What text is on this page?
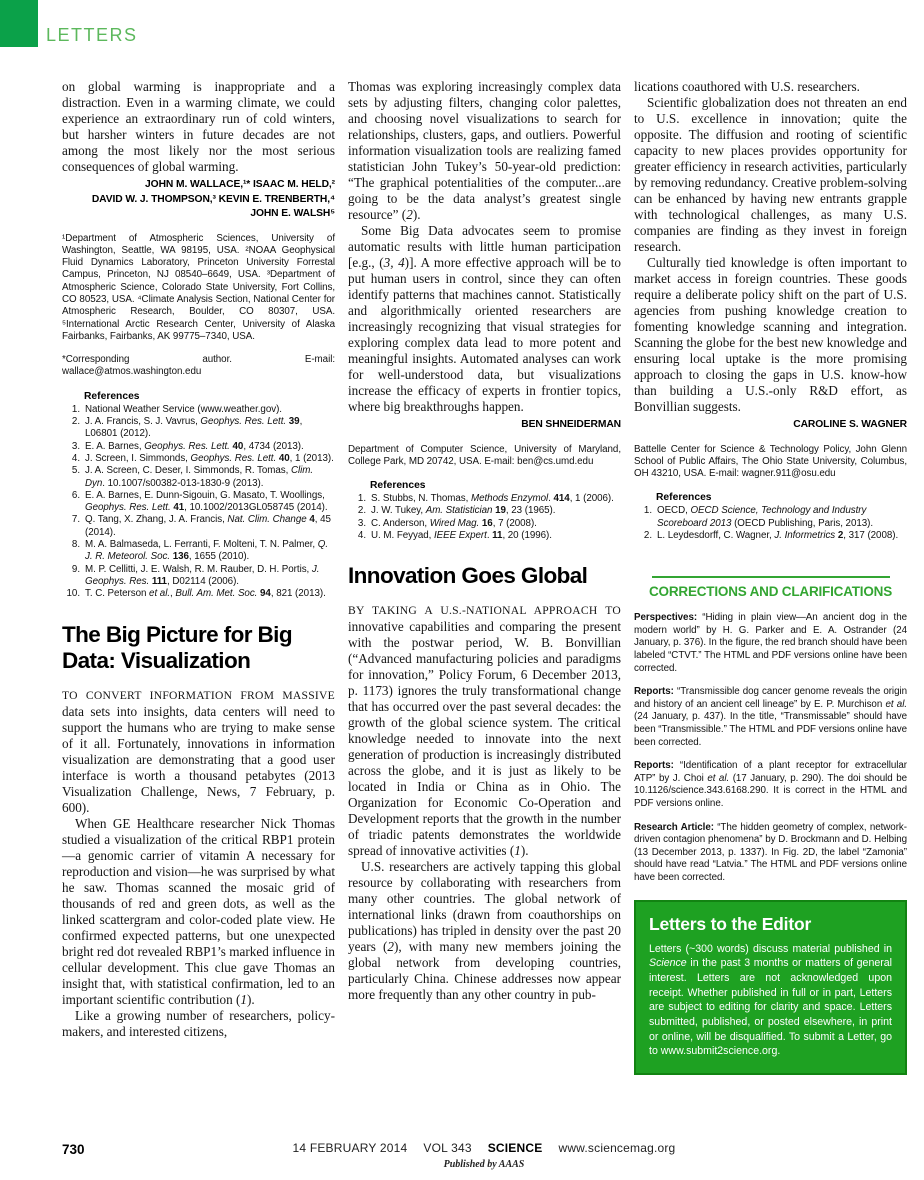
LETTERS

on global warming is inappropriate and a distraction. Even in a warming climate, we could experience an extraordinary run of cold winters, but harsher winters in future decades are not among the most likely nor the most serious consequences of global warming.

JOHN M. WALLACE,¹* ISAAC M. HELD,²
DAVID W. J. THOMPSON,³ KEVIN E. TRENBERTH,⁴
JOHN E. WALSH⁵

¹Department of Atmospheric Sciences, University of Washington, Seattle, WA 98195, USA. ²NOAA Geophysical Fluid Dynamics Laboratory, Princeton University Forrestal Campus, Princeton, NJ 08540–6649, USA. ³Department of Atmospheric Science, Colorado State University, Fort Collins, CO 80523, USA. ⁴Climate Analysis Section, National Center for Atmospheric Research, Boulder, CO 80307, USA. ⁵International Arctic Research Center, University of Alaska Fairbanks, Fairbanks, AK 99775–7340, USA.

*Corresponding author. E-mail: wallace@atmos.washington.edu

References
1. National Weather Service (www.weather.gov).
2. J. A. Francis, S. J. Vavrus, Geophys. Res. Lett. 39, L06801 (2012).
3. E. A. Barnes, Geophys. Res. Lett. 40, 4734 (2013).
4. J. Screen, I. Simmonds, Geophys. Res. Lett. 40, 1 (2013).
5. J. A. Screen, C. Deser, I. Simmonds, R. Tomas, Clim. Dyn. 10.1007/s00382-013-1830-9 (2013).
6. E. A. Barnes, E. Dunn-Sigouin, G. Masato, T. Woollings, Geophys. Res. Lett. 41, 10.1002/2013GL058745 (2014).
7. Q. Tang, X. Zhang, J. A. Francis, Nat. Clim. Change 4, 45 (2014).
8. M. A. Balmaseda, L. Ferranti, F. Molteni, T. N. Palmer, Q. J. R. Meteorol. Soc. 136, 1655 (2010).
9. M. P. Cellitti, J. E. Walsh, R. M. Rauber, D. H. Portis, J. Geophys. Res. 111, D02114 (2006).
10. T. C. Peterson et al., Bull. Am. Met. Soc. 94, 821 (2013).
The Big Picture for Big Data: Visualization

TO CONVERT INFORMATION FROM MASSIVE data sets into insights, data centers will need to support the humans who are trying to make sense of it all. Fortunately, innovations in information visualization are demonstrating that a good user interface is worth a thousand petabytes (2013 Visualization Challenge, News, 7 February, p. 600).

When GE Healthcare researcher Nick Thomas studied a visualization of the critical RBP1 protein—a genomic carrier of vitamin A necessary for reproduction and vision—he was surprised by what he saw. Thomas scanned the mosaic grid of thousands of red and green dots, as well as the linked scattergram and color-coded plate view. He confirmed expected patterns, but one unexpected bright red dot revealed RBP1’s marked influence in cellular development. This clue gave Thomas an insight that, with statistical confirmation, led to an important scientific contribution (1).

Like a growing number of researchers, policy-makers, and interested citizens,

Thomas was exploring increasingly complex data sets by adjusting filters, changing color palettes, and choosing novel visualizations to search for relationships, clusters, gaps, and outliers. Powerful information visualization tools are realizing famed statistician John Tukey’s 50-year-old prediction: “The graphical potentialities of the computer...are going to be the data analyst’s greatest single resource” (2).

Some Big Data advocates seem to promise automatic results with little human participation [e.g., (3, 4)]. A more effective approach will be to put human users in control, since they can often identify patterns that machines cannot. Statistically and algorithmically oriented researchers are increasingly recognizing that visual strategies for exploring complex data lead to more potent and meaningful insights. Automated analyses can work for well-understood data, but visualizations increase the efficacy of experts in frontier topics, where big breakthroughs happen.

BEN SHNEIDERMAN

Department of Computer Science, University of Maryland, College Park, MD 20742, USA. E-mail: ben@cs.umd.edu

References
1. S. Stubbs, N. Thomas, Methods Enzymol. 414, 1 (2006).
2. J. W. Tukey, Am. Statistician 19, 23 (1965).
3. C. Anderson, Wired Mag. 16, 7 (2008).
4. U. M. Feyyad, IEEE Expert. 11, 20 (1996).
Innovation Goes Global

BY TAKING A U.S.-NATIONAL APPROACH TO innovative capabilities and comparing the present with the postwar period, W. B. Bonvillian (“Advanced manufacturing policies and paradigms for innovation,” Policy Forum, 6 December 2013, p. 1173) ignores the truly transformational change that has occurred over the past several decades: the growth of the global science system. The critical knowledge needed to innovate into the next generation of production is increasingly distributed across the globe, and it is just as likely to be located in India or China as in Ohio. The Organization for Economic Co-Operation and Development reports that the growth in the number of triadic patents demonstrates the worldwide spread of innovative activities (1).

U.S. researchers are actively tapping this global resource by collaborating with researchers from many other countries. The global network of international links (drawn from coauthorships on publications) has tripled in density over the past 20 years (2), with many new members joining the global network from developing countries, particularly China. Chinese addresses now appear more frequently than any other country in pub-

lications coauthored with U.S. researchers.

Scientific globalization does not threaten an end to U.S. excellence in innovation; quite the opposite. The diffusion and rooting of scientific capacity to new places provides opportunity for greater efficiency in research activities, particularly by removing redundancy. Creative problem-solving can be enhanced by having new entrants grapple with technological challenges, as many U.S. companies are finding as they invest in foreign research.

Culturally tied knowledge is often important to market access in foreign countries. These goods require a deliberate policy shift on the part of U.S. agencies from pushing knowledge creation to fomenting knowledge scanning and integration. Scanning the globe for the best new knowledge and ensuring local uptake is the more promising approach to closing the gaps in U.S. know-how than building a U.S.-only R&D effort, as Bonvillian suggests.

CAROLINE S. WAGNER

Battelle Center for Science & Technology Policy, John Glenn School of Public Affairs, The Ohio State University, Columbus, OH 43210, USA. E-mail: wagner.911@osu.edu

References
1. OECD, OECD Science, Technology and Industry Scoreboard 2013 (OECD Publishing, Paris, 2013).
2. L. Leydesdorff, C. Wagner, J. Informetrics 2, 317 (2008).
CORRECTIONS AND CLARIFICATIONS

Perspectives: “Hiding in plain view—An ancient dog in the modern world” by H. G. Parker and E. A. Ostrander (24 January, p. 376). In the figure, the red branch should have been labeled “CTVT.” The HTML and PDF versions online have been corrected.

Reports: “Transmissible dog cancer genome reveals the origin and history of an ancient cell lineage” by E. P. Murchison et al. (24 January, p. 437). In the title, “Transmissable” should have been “Transmissible.” The HTML and PDF versions online have been corrected.

Reports: “Identification of a plant receptor for extracellular ATP” by J. Choi et al. (17 January, p. 290). The doi should be 10.1126/science.343.6168.290. It is correct in the HTML and PDF versions online.

Research Article: “The hidden geometry of complex, network-driven contagion phenomena” by D. Brockmann and D. Helbing (13 December 2013, p. 1337). In Fig. 2D, the label “Zamonia” should have read “Latvia.” The HTML and PDF versions online have been corrected.

Letters to the Editor

Letters (~300 words) discuss material published in Science in the past 3 months or matters of general interest. Letters are not acknowledged upon receipt. Whether published in full or in part, Letters are subject to editing for clarity and space. Letters submitted, published, or posted elsewhere, in print or online, will be disqualified. To submit a Letter, go to www.submit2science.org.

730	14 FEBRUARY 2014 VOL 343 SCIENCE www.sciencemag.org
Published by AAAS
